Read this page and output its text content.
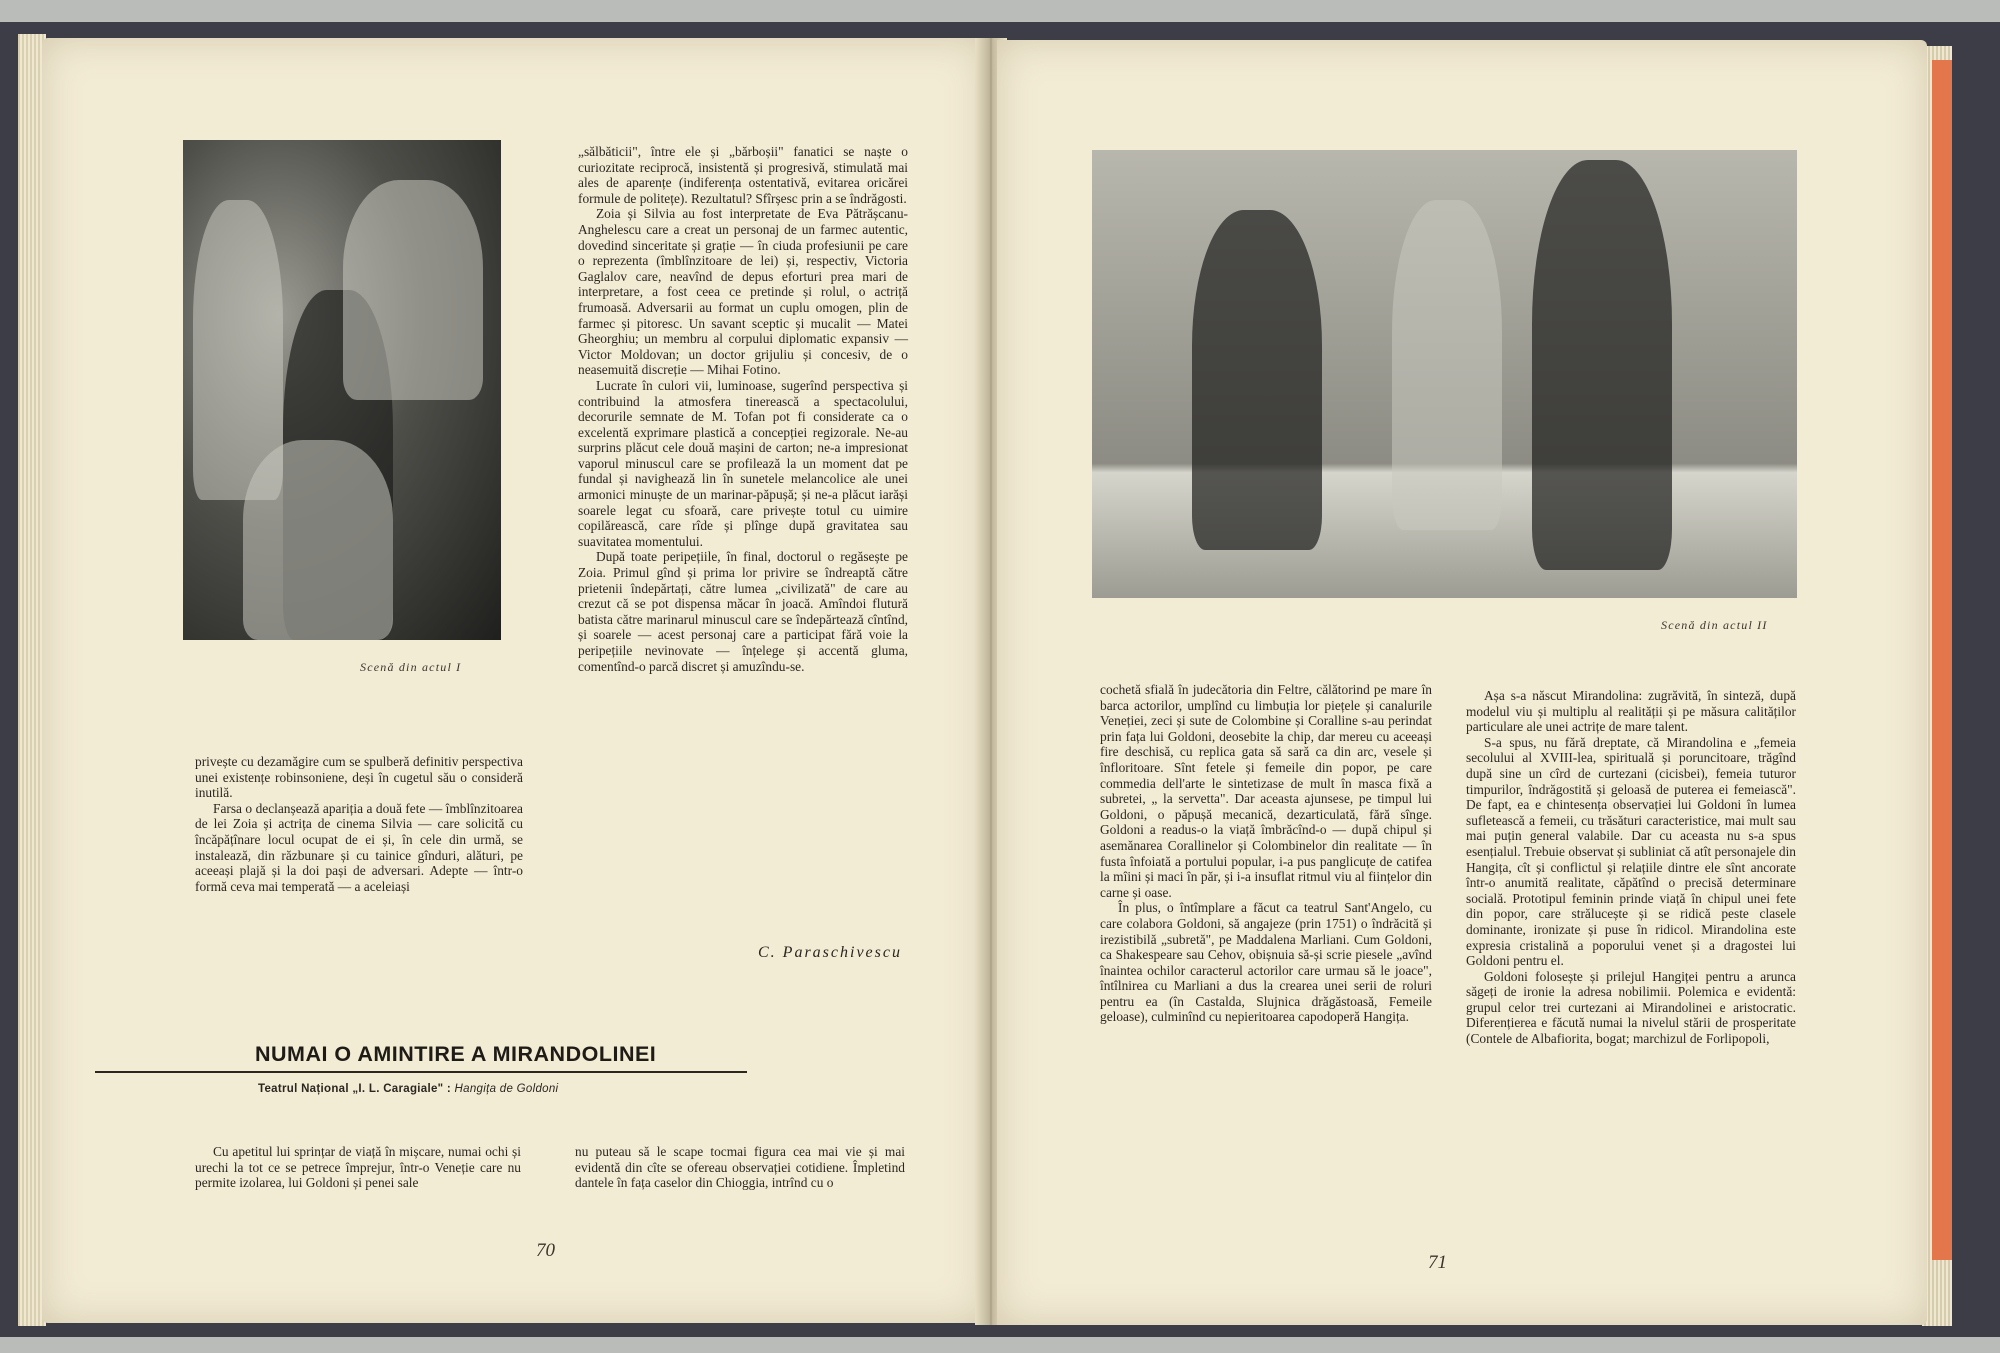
Scenă din actul I

privește cu dezamăgire cum se spulberă definitiv perspectiva unei existențe robinsoniene, deși în cugetul său o consideră inutilă.

Farsa o declanșează apariția a două fete — îmblînzitoarea de lei Zoia și actrița de cinema Silvia — care solicită cu încăpățînare locul ocupat de ei și, în cele din urmă, se instalează, din răzbunare și cu tainice gînduri, alături, pe aceeași plajă și la doi pași de adversari. Adepte — într-o formă ceva mai temperată — a aceleiași

„sălbăticii", între ele și „bărboșii" fanatici se naște o curiozitate reciprocă, insistentă și progresivă, stimulată mai ales de aparențe (indiferența ostentativă, evitarea oricărei formule de politețe). Rezultatul? Sfîrșesc prin a se îndrăgosti.

Zoia și Silvia au fost interpretate de Eva Pătrășcanu-Anghelescu care a creat un personaj de un farmec autentic, dovedind sinceritate și grație — în ciuda profesiunii pe care o reprezenta (îmblînzitoare de lei) și, respectiv, Victoria Gaglalov care, neavînd de depus eforturi prea mari de interpretare, a fost ceea ce pretinde și rolul, o actriță frumoasă. Adversarii au format un cuplu omogen, plin de farmec și pitoresc. Un savant sceptic și mucalit — Matei Gheorghiu; un membru al corpului diplomatic expansiv — Victor Moldovan; un doctor grijuliu și concesiv, de o neasemuită discreție — Mihai Fotino.

Lucrate în culori vii, luminoase, sugerînd perspectiva și contribuind la atmosfera tinerească a spectacolului, decorurile semnate de M. Tofan pot fi considerate ca o excelentă exprimare plastică a concepției regizorale. Ne-au surprins plăcut cele două mașini de carton; ne-a impresionat vaporul minuscul care se profilează la un moment dat pe fundal și navighează lin în sunetele melancolice ale unei armonici minuște de un marinar-păpușă; și ne-a plăcut iarăși soarele legat cu sfoară, care privește totul cu uimire copilărească, care rîde și plînge după gravitatea sau suavitatea momentului.

După toate peripețiile, în final, doctorul o regăsește pe Zoia. Primul gînd și prima lor privire se îndreaptă către prietenii îndepărtați, către lumea „civilizată" de care au crezut că se pot dispensa măcar în joacă. Amîndoi flutură batista către marinarul minuscul care se îndepărtează cîntînd, și soarele — acest personaj care a participat fără voie la peripețiile nevinovate — înțelege și accentă gluma, comentînd-o parcă discret și amuzîndu-se.

C. Paraschivescu

NUMAI O AMINTIRE A MIRANDOLINEI

Teatrul Național „I. L. Caragiale" : Hangița de Goldoni

Cu apetitul lui sprințar de viață în mișcare, numai ochi și urechi la tot ce se petrece împrejur, într-o Veneție care nu permite izolarea, lui Goldoni și penei sale

nu puteau să le scape tocmai figura cea mai vie și mai evidentă din cîte se ofereau observației cotidiene. Împletind dantele în fața caselor din Chioggia, intrînd cu o

70

Scenă din actul II

cochetă sfială în judecătoria din Feltre, călătorind pe mare în barca actorilor, umplînd cu limbuția lor piețele și canalurile Veneției, zeci și sute de Colombine și Coralline s-au perindat prin fața lui Goldoni, deosebite la chip, dar mereu cu aceeași fire deschisă, cu replica gata să sară ca din arc, vesele și înfloritoare. Sînt fetele și femeile din popor, pe care commedia dell'arte le sintetizase de mult în masca fixă a subretei, „ la servetta". Dar aceasta ajunsese, pe timpul lui Goldoni, o păpușă mecanică, dezarticulată, fără sînge. Goldoni a readus-o la viață îmbrăcînd-o — după chipul și asemănarea Corallinelor și Colombinelor din realitate — în fusta înfoiată a portului popular, i-a pus panglicuțe de catifea la mîini și maci în păr, și i-a insuflat ritmul viu al ființelor din carne și oase.

În plus, o întîmplare a făcut ca teatrul Sant'Angelo, cu care colabora Goldoni, să angajeze (prin 1751) o îndrăcită și irezistibilă „subretă", pe Maddalena Marliani. Cum Goldoni, ca Shakespeare sau Cehov, obișnuia să-și scrie piesele „avînd înaintea ochilor caracterul actorilor care urmau să le joace", întîlnirea cu Marliani a dus la crearea unei serii de roluri pentru ea (în Castalda, Slujnica drăgăstoasă, Femeile geloase), culminînd cu nepieritoarea capodoperă Hangița.

Așa s-a născut Mirandolina: zugrăvită, în sinteză, după modelul viu și multiplu al realității și pe măsura calităților particulare ale unei actrițe de mare talent.

S-a spus, nu fără dreptate, că Mirandolina e „femeia secolului al XVIII-lea, spirituală și poruncitoare, trăgînd după sine un cîrd de curtezani (cicisbei), femeia tuturor timpurilor, îndrăgostită și geloasă de puterea ei femeiască". De fapt, ea e chintesența observației lui Goldoni în lumea sufletească a femeii, cu trăsături caracteristice, mai mult sau mai puțin general valabile. Dar cu aceasta nu s-a spus esențialul. Trebuie observat și subliniat că atît personajele din Hangița, cît și conflictul și relațiile dintre ele sînt ancorate într-o anumită realitate, căpătînd o precisă determinare socială. Prototipul feminin prinde viață în chipul unei fete din popor, care strălucește și se ridică peste clasele dominante, ironizate și puse în ridicol. Mirandolina este expresia cristalină a poporului venet și a dragostei lui Goldoni pentru el.

Goldoni folosește și prilejul Hangiței pentru a arunca săgeți de ironie la adresa nobilimii. Polemica e evidentă: grupul celor trei curtezani ai Mirandolinei e aristocratic. Diferențierea e făcută numai la nivelul stării de prosperitate (Contele de Albafiorita, bogat; marchizul de Forlipopoli,

71
